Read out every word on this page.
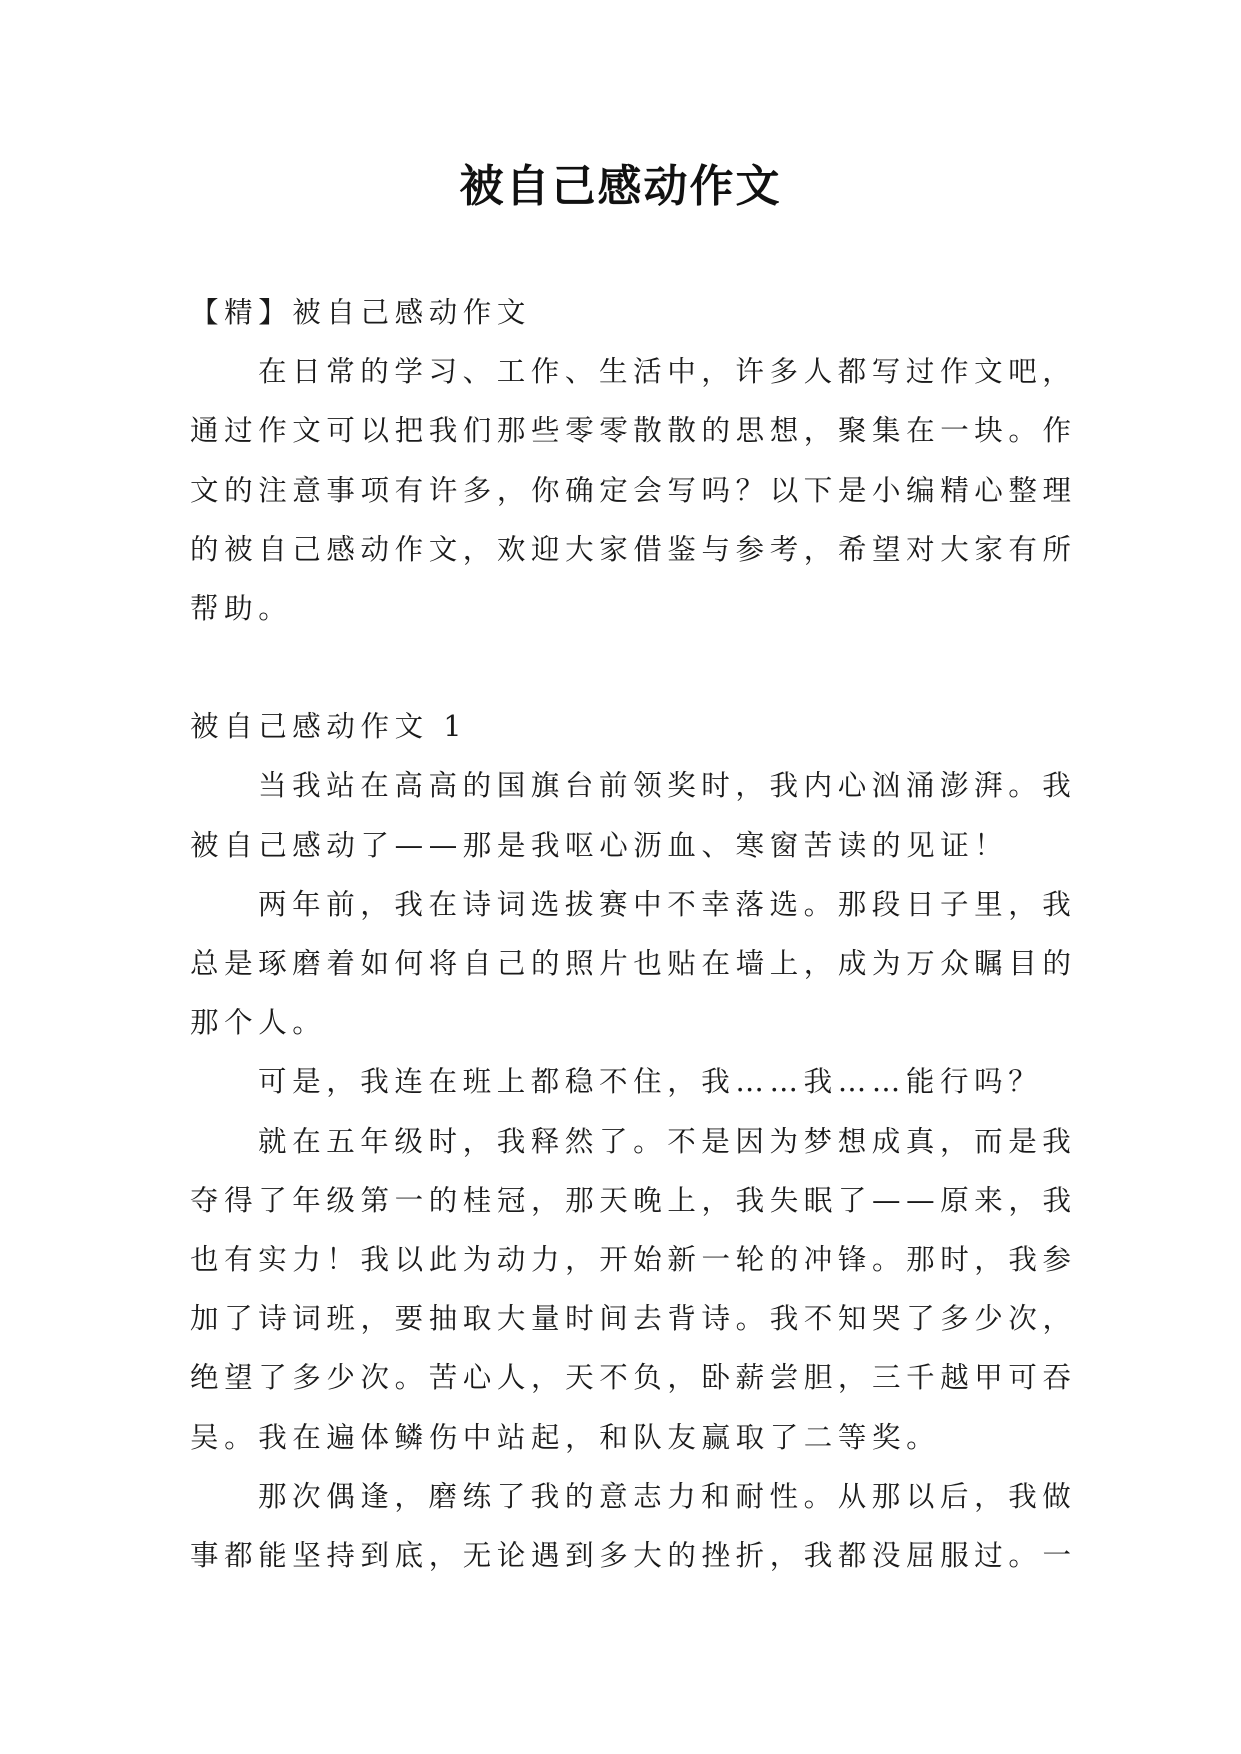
被自己感动作文
【精】被自己感动作文
在日常的学习、工作、生活中，许多人都写过作文吧，
通过作文可以把我们那些零零散散的思想，聚集在一块。作
文的注意事项有许多，你确定会写吗？以下是小编精心整理
的被自己感动作文，欢迎大家借鉴与参考，希望对大家有所
帮助。
被自己感动作文 1
当我站在高高的国旗台前领奖时，我内心汹涌澎湃。我
被自己感动了——那是我呕心沥血、寒窗苦读的见证！
两年前，我在诗词选拔赛中不幸落选。那段日子里，我
总是琢磨着如何将自己的照片也贴在墙上，成为万众瞩目的
那个人。
可是，我连在班上都稳不住，我……我……能行吗？
就在五年级时，我释然了。不是因为梦想成真，而是我
夺得了年级第一的桂冠，那天晚上，我失眠了——原来，我
也有实力！我以此为动力，开始新一轮的冲锋。那时，我参
加了诗词班，要抽取大量时间去背诗。我不知哭了多少次，
绝望了多少次。苦心人，天不负，卧薪尝胆，三千越甲可吞
吴。我在遍体鳞伤中站起，和队友赢取了二等奖。
那次偶逢，磨练了我的意志力和耐性。从那以后，我做
事都能坚持到底，无论遇到多大的挫折，我都没屈服过。一
